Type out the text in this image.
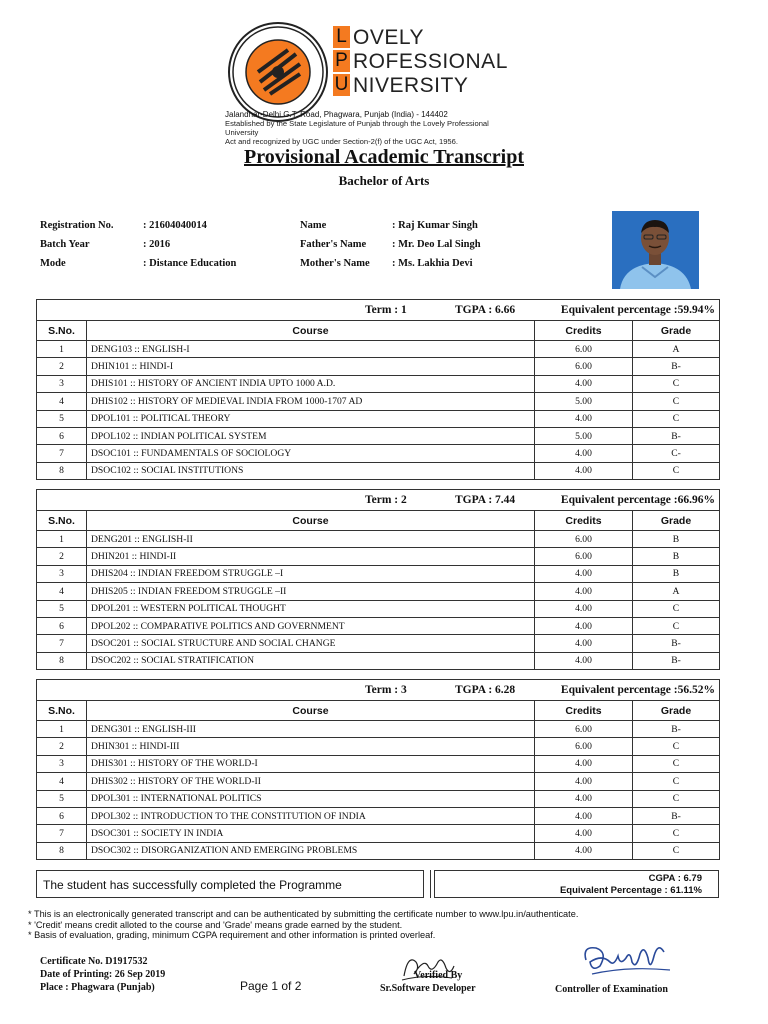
L
P
U
OVELY
ROFESSIONAL
NIVERSITY
Jalandhar-Delhi G.T. Road, Phagwara, Punjab (India) - 144402
Established by the State Legislature of Punjab through the Lovely Professional University
Act and recognized by UGC under Section-2(f) of the UGC Act, 1956.
Provisional Academic Transcript
Bachelor of Arts
Registration No.	: 21604040014
Batch Year	: 2016
Mode	: Distance Education
Name	: Raj Kumar Singh
Father's Name : Mr. Deo Lal Singh
Mother's Name : Ms. Lakhia Devi
Term : 1 TGPA : 6.66 Equivalent percentage :59.94%			

S.No.	Course	Credits	Grade
1	DENG103 :: ENGLISH-I	6.00	A
2	DHIN101 :: HINDI-I	6.00	B-
3	DHIS101 :: HISTORY OF ANCIENT INDIA UPTO 1000 A.D.	4.00	C
4	DHIS102 :: HISTORY OF MEDIEVAL INDIA FROM 1000-1707 AD	5.00	C
5	DPOL101 :: POLITICAL THEORY	4.00	C
6	DPOL102 :: INDIAN POLITICAL SYSTEM	5.00	B-
7	DSOC101 :: FUNDAMENTALS OF SOCIOLOGY	4.00	C-
8	DSOC102 :: SOCIAL INSTITUTIONS	4.00	C
Term : 2 TGPA : 7.44 Equivalent percentage :66.96%			

S.No.	Course	Credits	Grade
1	DENG201 :: ENGLISH-II	6.00	B
2	DHIN201 :: HINDI-II	6.00	B
3	DHIS204 :: INDIAN FREEDOM STRUGGLE –I	4.00	B
4	DHIS205 :: INDIAN FREEDOM STRUGGLE –II	4.00	A
5	DPOL201 :: WESTERN POLITICAL THOUGHT	4.00	C
6	DPOL202 :: COMPARATIVE POLITICS AND GOVERNMENT	4.00	C
7	DSOC201 :: SOCIAL STRUCTURE AND SOCIAL CHANGE	4.00	B-
8	DSOC202 :: SOCIAL STRATIFICATION	4.00	B-
Term : 3 TGPA : 6.28 Equivalent percentage :56.52%			

S.No.	Course	Credits	Grade
1	DENG301 :: ENGLISH-III	6.00	B-
2	DHIN301 :: HINDI-III	6.00	C
3	DHIS301 :: HISTORY OF THE WORLD-I	4.00	C
4	DHIS302 :: HISTORY OF THE WORLD-II	4.00	C
5	DPOL301 :: INTERNATIONAL POLITICS	4.00	C
6	DPOL302 :: INTRODUCTION TO THE CONSTITUTION OF INDIA	4.00	B-
7	DSOC301 :: SOCIETY IN INDIA	4.00	C
8	DSOC302 :: DISORGANIZATION AND EMERGING PROBLEMS	4.00	C
The student has successfully completed the Programme	CGPA : 6.79
Equivalent Percentage : 61.11%
* This is an electronically generated transcript and can be authenticated by submitting the certificate number to www.lpu.in/authenticate.
* 'Credit' means credit alloted to the course and 'Grade' means grade earned by the student.
* Basis of evaluation, grading, minimum CGPA requirement and other information is printed overleaf.
Certificate No. D1917532
Date of Printing: 26 Sep 2019
Place : Phagwara (Punjab)	Page 1 of 2
Verified By
Sr.Software Developer	Controller of Examination
